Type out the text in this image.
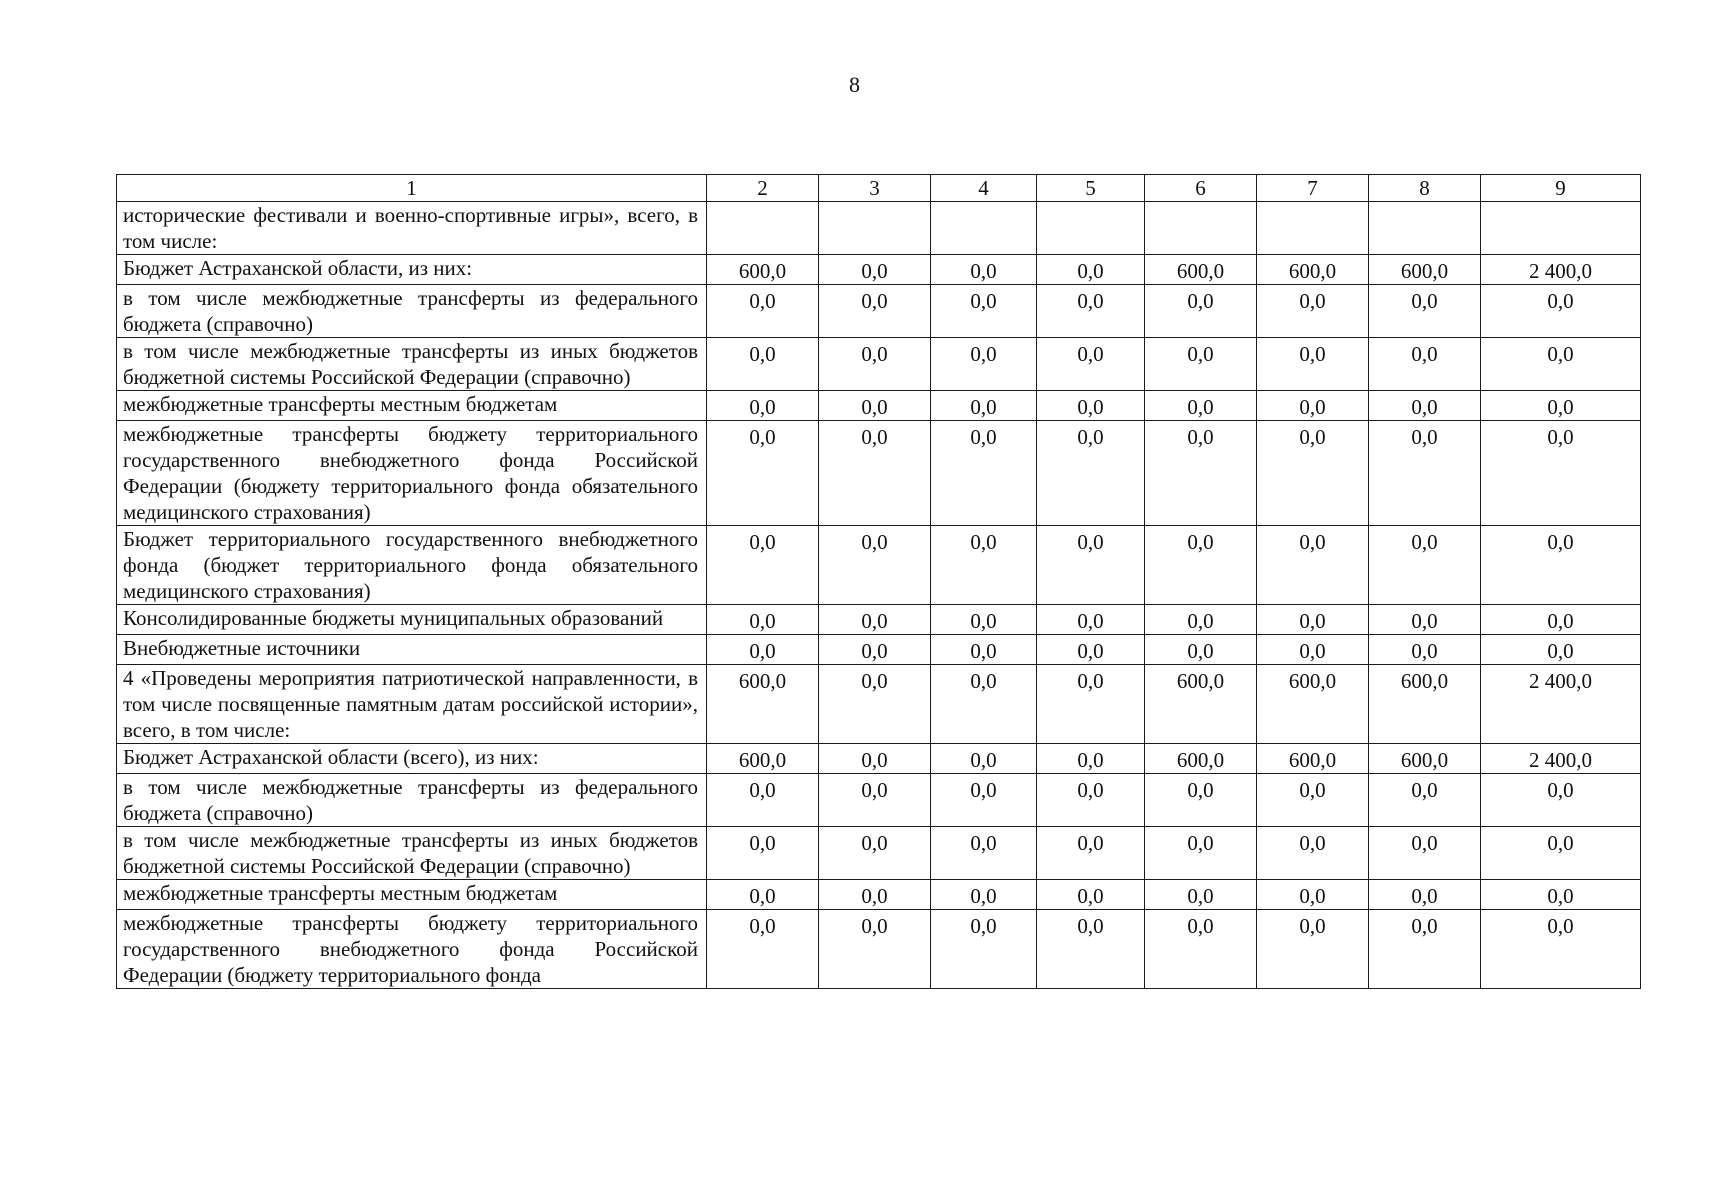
8
1	2	3	4	5	6	7	8	9
исторические фестивали и военно-спортивные игры», всего, в том числе:								
Бюджет Астраханской области, из них:	600,0	0,0	0,0	0,0	600,0	600,0	600,0	2 400,0
в том числе межбюджетные трансферты из федерального бюджета (справочно)	0,0	0,0	0,0	0,0	0,0	0,0	0,0	0,0
в том числе межбюджетные трансферты из иных бюджетов бюджетной системы Российской Федерации (справочно)	0,0	0,0	0,0	0,0	0,0	0,0	0,0	0,0
межбюджетные трансферты местным бюджетам	0,0	0,0	0,0	0,0	0,0	0,0	0,0	0,0
межбюджетные трансферты бюджету территориального государственного внебюджетного фонда Российской Федерации (бюджету территориального фонда обязательного медицинского страхования)	0,0	0,0	0,0	0,0	0,0	0,0	0,0	0,0
Бюджет территориального государственного внебюджетного фонда (бюджет территориального фонда обязательного медицинского страхования)	0,0	0,0	0,0	0,0	0,0	0,0	0,0	0,0
Консолидированные бюджеты муниципальных образований	0,0	0,0	0,0	0,0	0,0	0,0	0,0	0,0
Внебюджетные источники	0,0	0,0	0,0	0,0	0,0	0,0	0,0	0,0
4 «Проведены мероприятия патриотической направленности, в том числе посвященные памятным датам российской истории», всего, в том числе:	600,0	0,0	0,0	0,0	600,0	600,0	600,0	2 400,0
Бюджет Астраханской области (всего), из них:	600,0	0,0	0,0	0,0	600,0	600,0	600,0	2 400,0
в том числе межбюджетные трансферты из федерального бюджета (справочно)	0,0	0,0	0,0	0,0	0,0	0,0	0,0	0,0
в том числе межбюджетные трансферты из иных бюджетов бюджетной системы Российской Федерации (справочно)	0,0	0,0	0,0	0,0	0,0	0,0	0,0	0,0
межбюджетные трансферты местным бюджетам	0,0	0,0	0,0	0,0	0,0	0,0	0,0	0,0
межбюджетные трансферты бюджету территориального государственного внебюджетного фонда Российской Федерации (бюджету территориального фонда	0,0	0,0	0,0	0,0	0,0	0,0	0,0	0,0
